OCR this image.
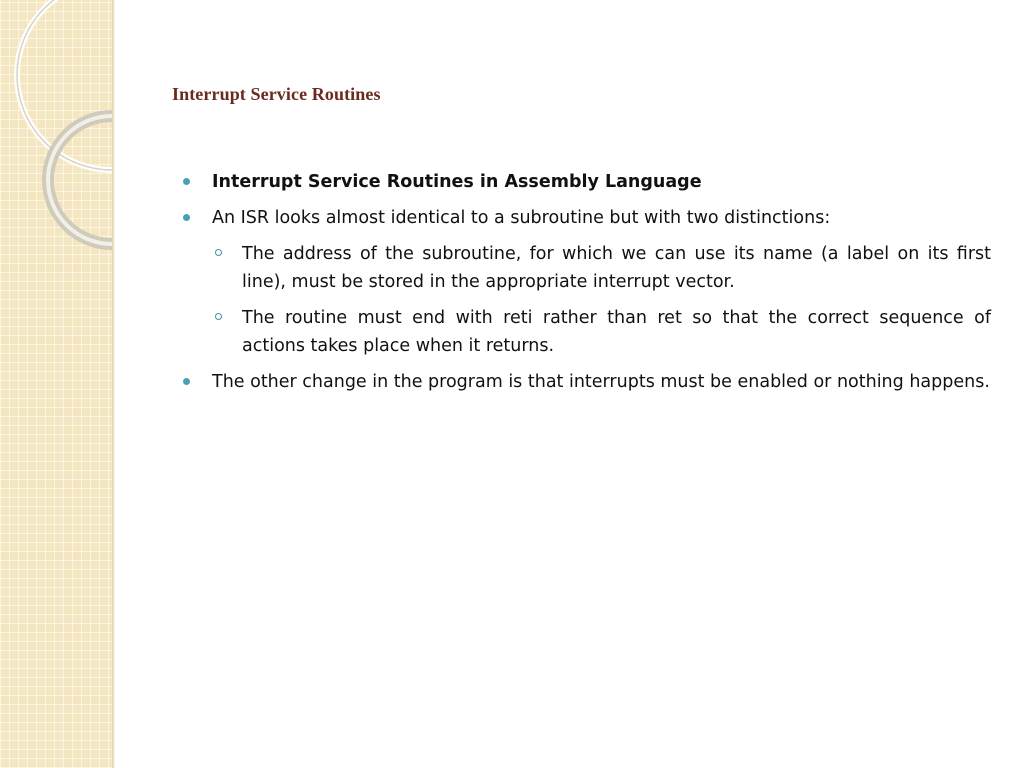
Interrupt Service Routines
Interrupt Service Routines in Assembly Language
An ISR looks almost identical to a subroutine but with two distinctions:
The address of the subroutine, for which we can use its name (a label on its first line), must be stored in the appropriate interrupt vector.
The routine must end with reti rather than ret so that the correct sequence of actions takes place when it returns.
The other change in the program is that interrupts must be enabled or nothing happens.
